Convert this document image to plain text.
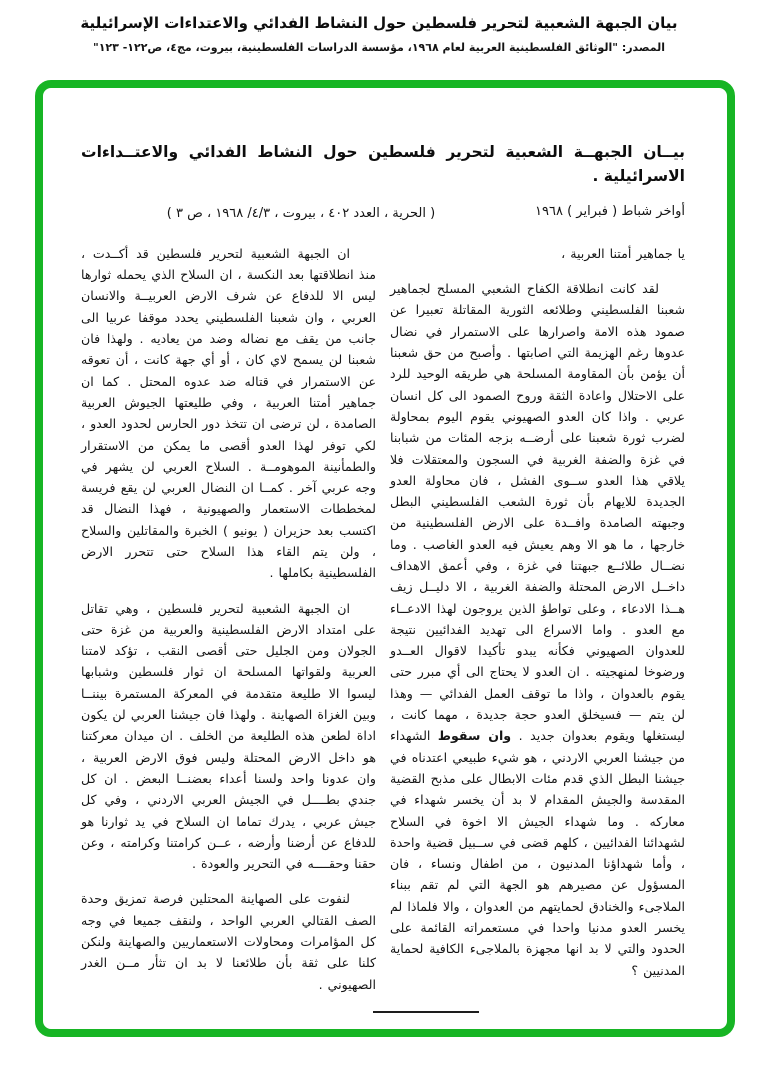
بيان الجبهة الشعبية لتحرير فلسطين حول النشاط الفدائي والاعتداءات الإسرائيلية
المصدر: "الوثائق الفلسطينية العربية لعام ١٩٦٨، مؤسسة الدراسات الفلسطينية، بيروت، مج٤، ص١٢٢- ١٢٣"
بيــان الجبهــة الشعبية لتحرير فلسطين حول النشاط الفدائي والاعتــداءات الاسرائيلية .
أواخر شباط ( فبراير ) ١٩٦٨
( الحرية ، العدد ٤٠٢ ، بيروت ، ٤/٣/ ١٩٦٨ ، ص ٣ )

يا جماهير أمتنا العربية ،

لقد كانت انطلاقة الكفاح الشعبي المسلح لجماهير شعبنا الفلسطيني وطلائعه الثورية المقاتلة تعبيرا عن صمود هذه الامة واصرارها على الاستمرار في نضال عدوها رغم الهزيمة التي اصابتها . وأصبح من حق شعبنا أن يؤمن بأن المقاومة المسلحة هي طريقه الوحيد للرد على الاحتلال واعادة الثقة وروح الصمود الى كل انسان عربي . واذا كان العدو الصهيوني يقوم اليوم بمحاولة لضرب ثورة شعبنا على أرضــه بزجه المئات من شبابنا في غزة والضفة الغربية في السجون والمعتقلات فلا يلاقي هذا العدو ســوى الفشل ، فان محاولة العدو الجديدة للايهام بأن ثورة الشعب الفلسطيني البطل وجبهته الصامدة وافــدة على الارض الفلسطينية من خارجها ، ما هو الا وهم يعيش فيه العدو الغاصب . وما نضــال طلائــع جبهتنا في غزة ، وفي أعمق الاهداف داخــل الارض المحتلة والضفة الغربية ، الا دليــل زيف هــذا الادعاء ، وعلى تواطؤ الذين يروجون لهذا الادعــاء مع العدو . واما الاسراع الى تهديد الفدائيين نتيجة للعدوان الصهيوني فكأنه يبدو تأكيدا لاقوال العــدو ورضوخا لمنهجيته . ان العدو لا يحتاج الى أي مبرر حتى يقوم بالعدوان ، واذا ما توقف العمل الفدائي — وهذا لن يتم — فسيخلق العدو حجة جديدة ، مهما كانت ، ليستغلها ويقوم بعدوان جديد . وان سقوط الشهداء من جيشنا العربي الاردني ، هو شيء طبيعي اعتدناه في جيشنا البطل الذي قدم مئات الابطال على مذبح القضية المقدسة والجيش المقدام لا بد أن يخسر شهداء في معاركه . وما شهداء الجيش الا اخوة في السلاح لشهدائنا الفدائيين ، كلهم قضى في ســبيل قضية واحدة ، وأما شهداؤنا المدنيون ، من اطفال ونساء ، فان المسؤول عن مصيرهم هو الجهة التي لم تقم ببناء الملاجىء والخنادق لحمايتهم من العدوان ، والا فلماذا لم يخسر العدو مدنيا واحدا في مستعمراته القائمة على الحدود والتي لا بد انها مجهزة بالملاجىء الكافية لحماية المدنيين ؟

ان الجبهة الشعبية لتحرير فلسطين قد أكــدت ، منذ انطلاقتها بعد النكسة ، ان السلاح الذي يحمله ثوارها ليس الا للدفاع عن شرف الارض العربيــة والانسان العربي ، وان شعبنا الفلسطيني يحدد موقفا عربيا الى جانب من يقف مع نضاله وضد من يعاديه . ولهذا فان شعبنا لن يسمح لاي كان ، أو أي جهة كانت ، أن تعوقه عن الاستمرار في قتاله ضد عدوه المحتل . كما ان جماهير أمتنا العربية ، وفي طليعتها الجيوش العربية الصامدة ، لن ترضى ان تتخذ دور الحارس لحدود العدو ، لكي توفر لهذا العدو أقصى ما يمكن من الاستقرار والطمأنينة الموهومــة . السلاح العربي لن يشهر في وجه عربي آخر . كمــا ان النضال العربي لن يقع فريسة لمخططات الاستعمار والصهيونية ، فهذا النضال قد اكتسب بعد حزيران ( يونيو ) الخبرة والمقاتلين والسلاح ، ولن يتم القاء هذا السلاح حتى تتحرر الارض الفلسطينية بكاملها .

ان الجبهة الشعبية لتحرير فلسطين ، وهي تقاتل على امتداد الارض الفلسطينية والعربية من غزة حتى الجولان ومن الجليل حتى أقصى النقب ، تؤكد لامتنا العربية ولقواتها المسلحة ان ثوار فلسطين وشبابها ليسوا الا طليعة متقدمة في المعركة المستمرة بيننــا وبين الغزاة الصهاينة . ولهذا فان جيشنا العربي لن يكون اداة لطعن هذه الطليعة من الخلف . ان ميدان معركتنا هو داخل الارض المحتلة وليس فوق الارض العربية ، وان عدونا واحد ولسنا أعداء بعضنــا البعض . ان كل جندي بطــــل في الجيش العربي الاردني ، وفي كل جيش عربي ، يدرك تماما ان السلاح في يد ثوارنا هو للدفاع عن أرضنا وأرضه ، عــن كرامتنا وكرامته ، وعن حقنا وحقــــه في التحرير والعودة .

لنفوت على الصهاينة المحتلين فرصة تمزيق وحدة الصف القتالي العربي الواحد ، ولنقف جميعا في وجه كل المؤامرات ومحاولات الاستعماريين والصهاينة ولنكن كلنا على ثقة بأن طلائعنا لا بد ان تثأر مــن الغدر الصهيوني .
